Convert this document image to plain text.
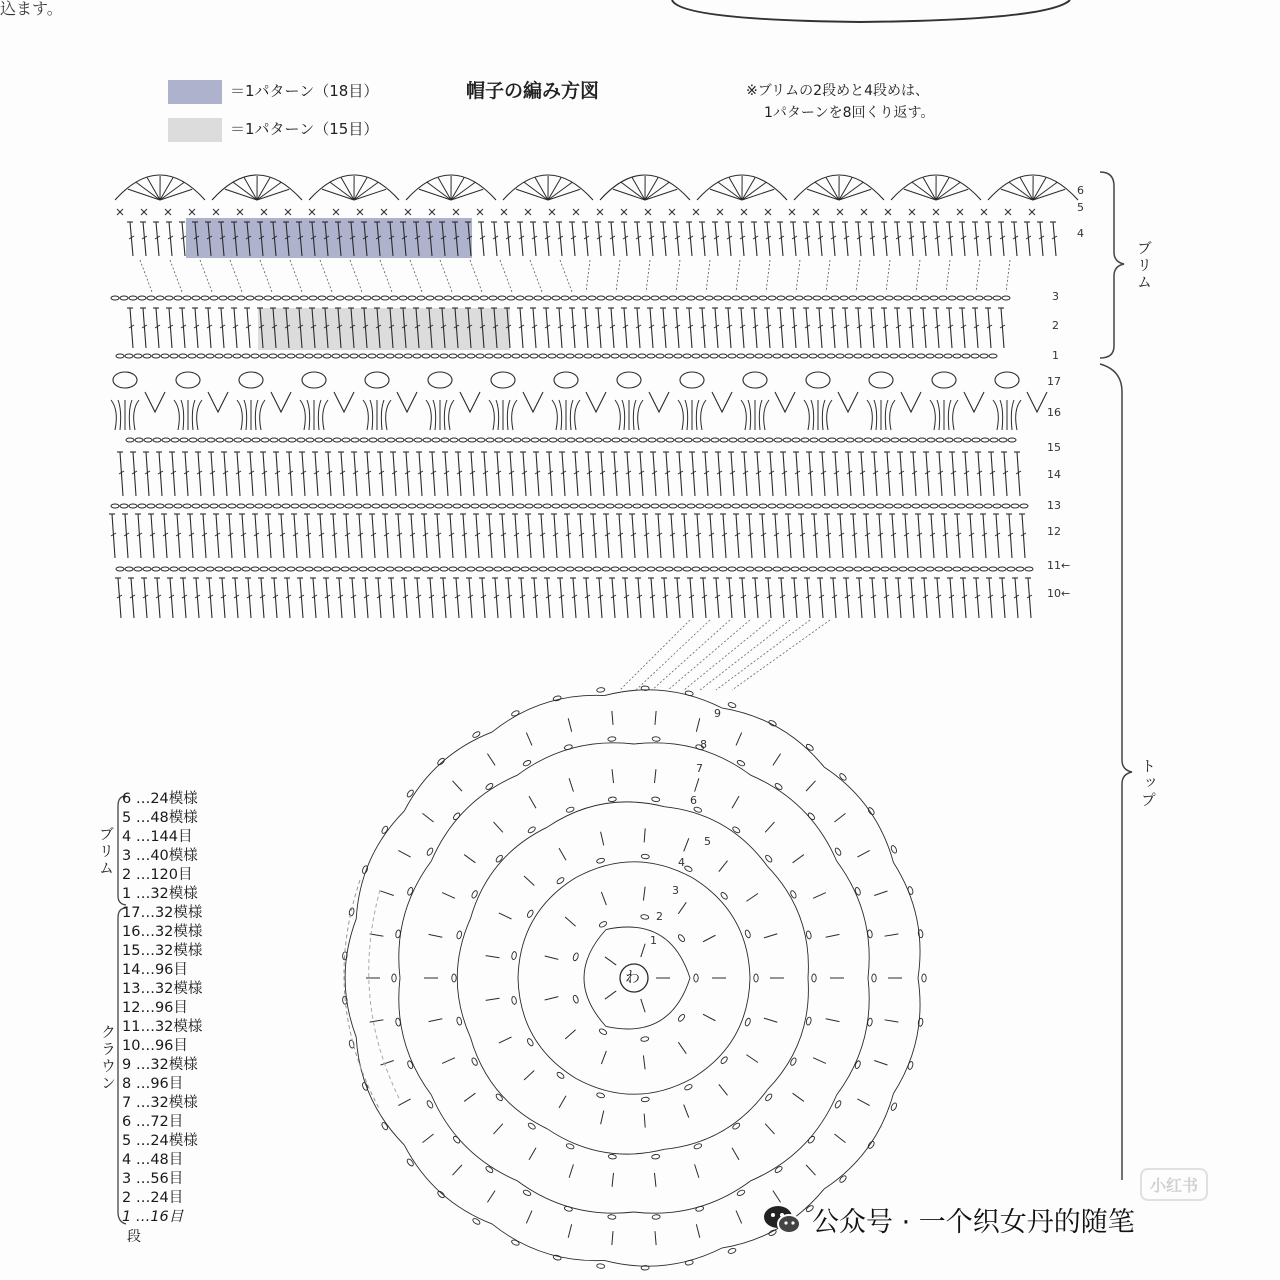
込ます。
＝1パターン（18目）
＝1パターン（15目）
帽子の編み方図	※ブリムの2段めと4段めは、
1パターンを8回くり返す。
6
5
4
3
2
1
17
16
15
14
13
12
11←
10←
9
8
7
6
5
4
3
2
1
わ
ブリム
トップ
ブリム
クラウン
6 …24模様
5 …48模様
4 …144目
3 …40模様
2 …120目
1 …32模様
17…32模様
16…32模様
15…32模様
14…96目
13…32模様
12…96目
11…32模様
10…96目
9 …32模様
8 …96目
7 …32模様
6 …72目
5 …24模様
4 …48目
3 …56目
2 …24目
1 …16目
段
小红书
公众号 · 一个织女丹的随笔
